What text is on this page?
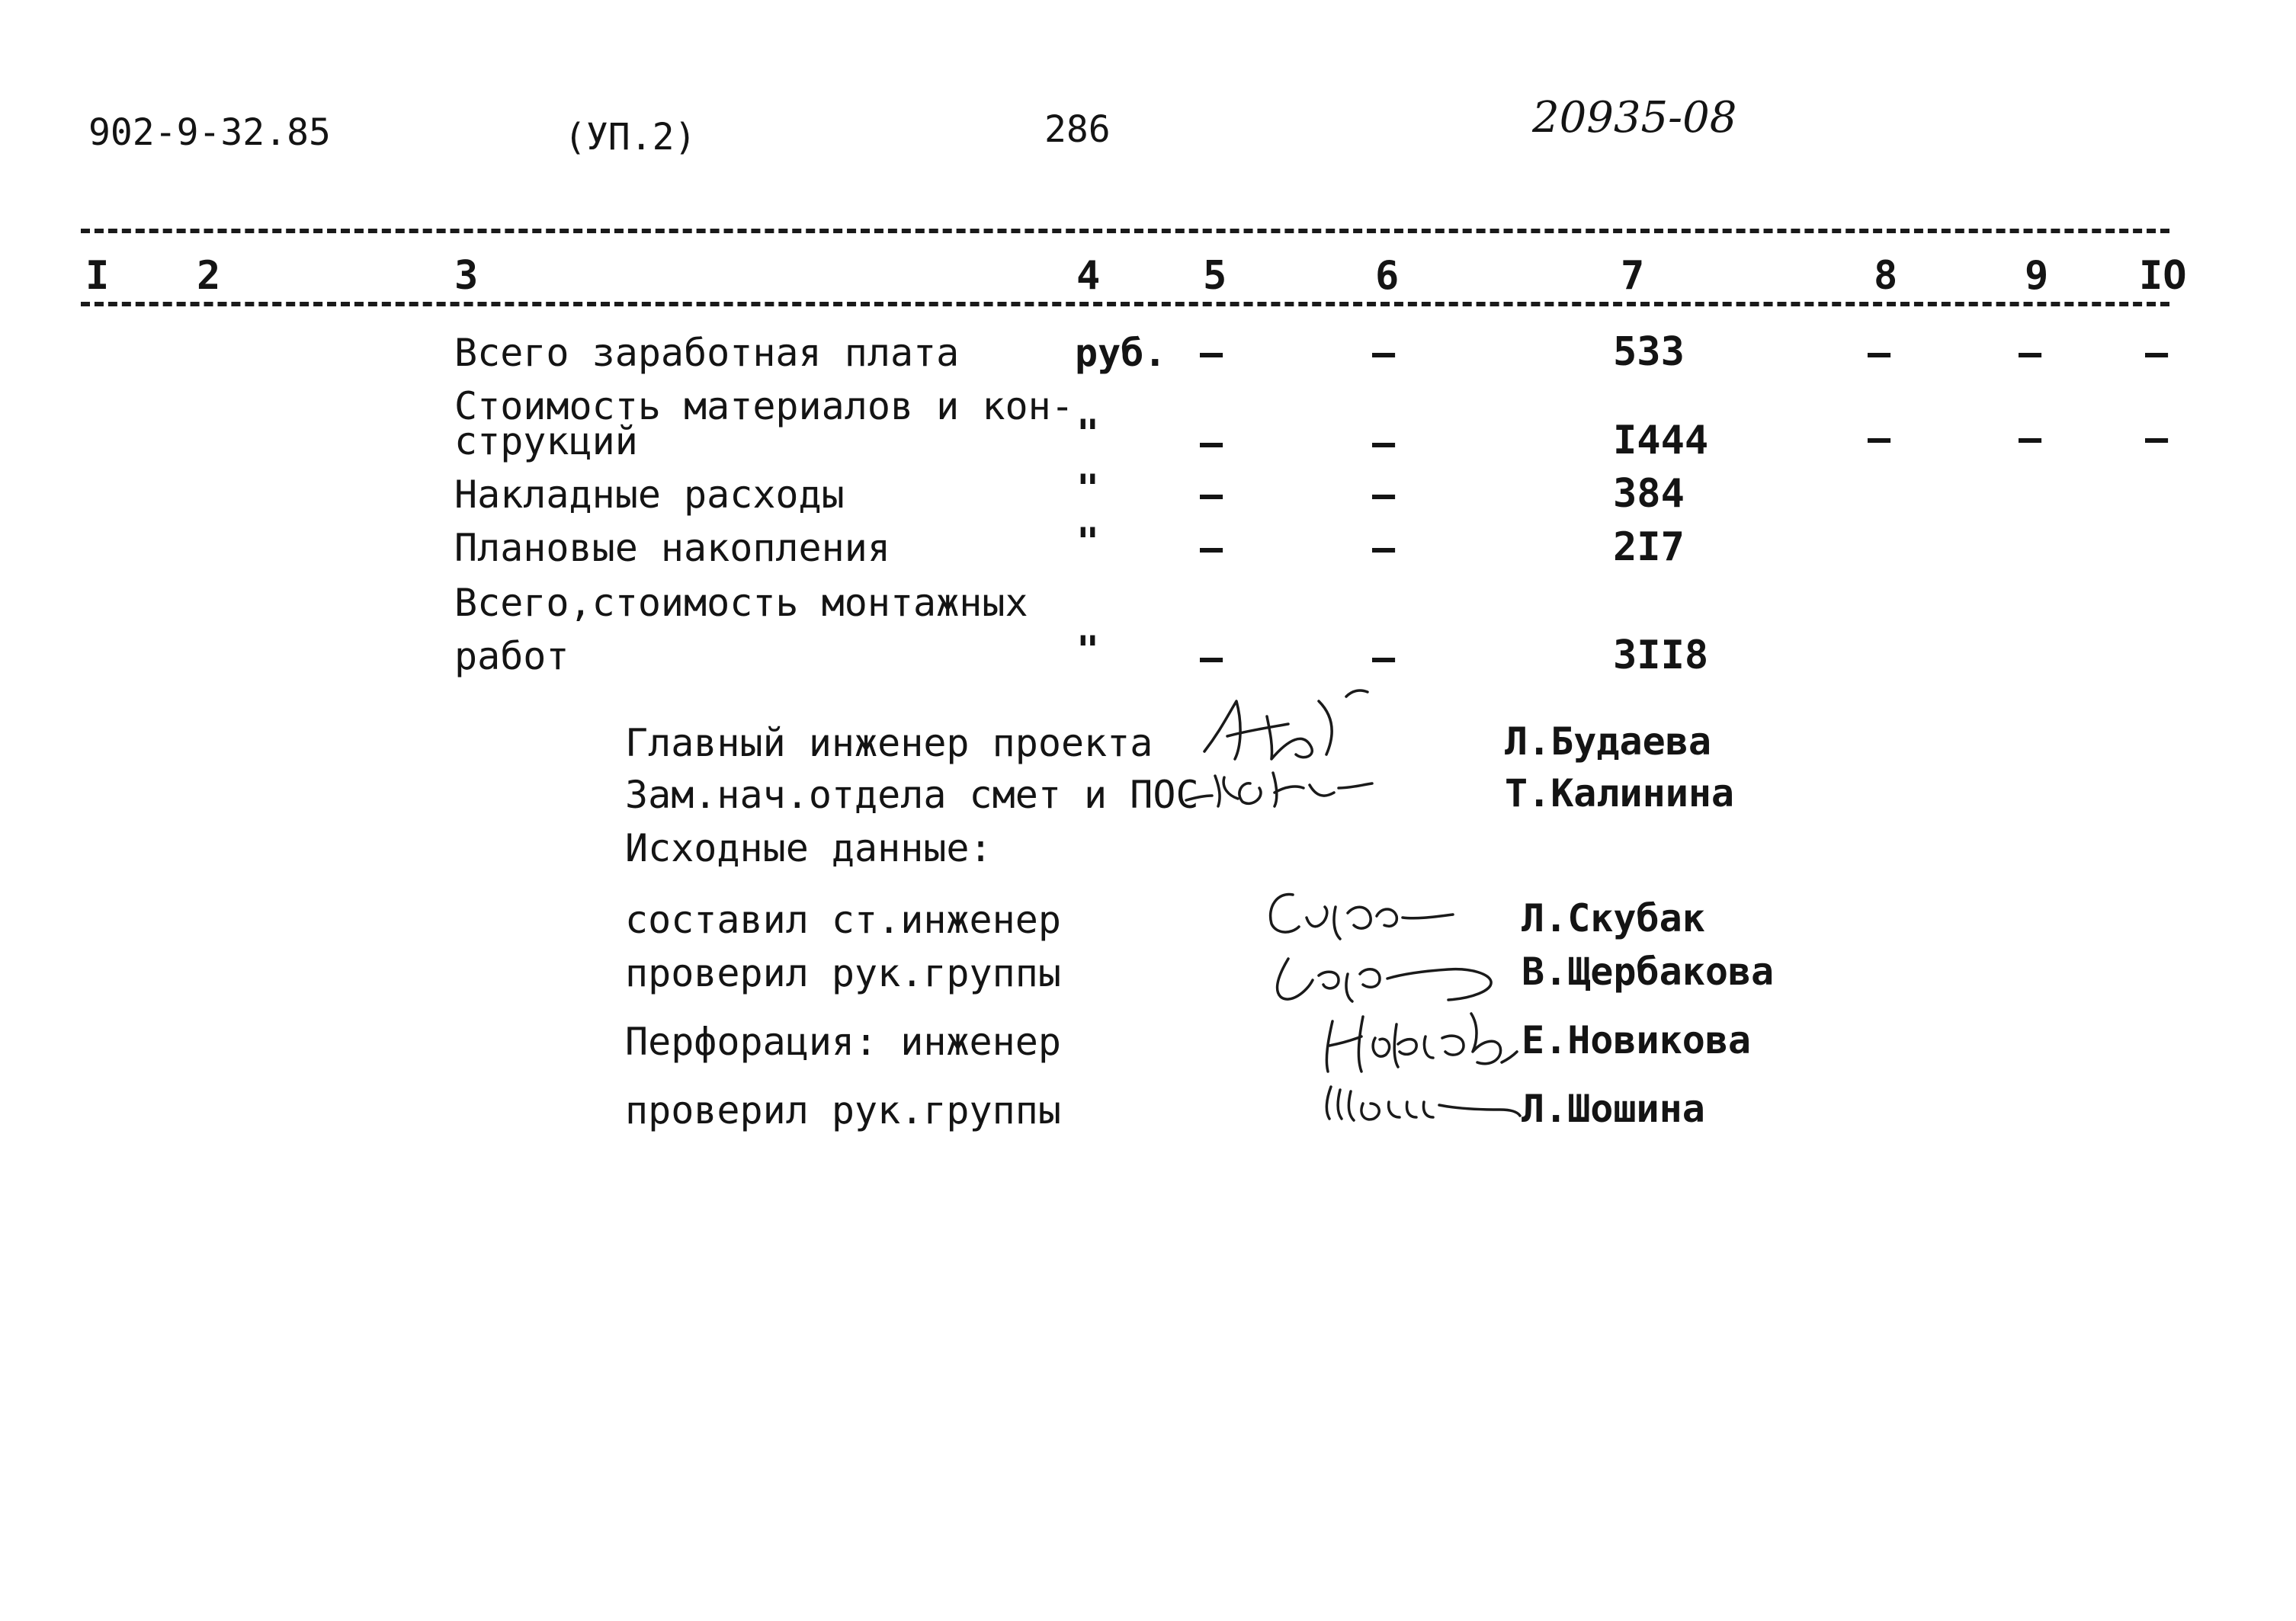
902-9-32.85	(УП.2)	286	20935-08
I 2	3	4	5	6	7	8	9 IO
Всего заработная плата	руб. –	–	533	–	–	–
Стоимость материалов и кон-
струкций	"	–	–	I444	–	–	–
Накладные расходы	"	–	–	384
Плановые накопления	"	–	–	2I7
Всего,стоимость монтажных
работ	"	–	–	3II8
Главный инженер проекта	Л.Будаева
Зам.нач.отдела смет и ПОС	Т.Калинина
Исходные данные:
составил ст.инженер	Л.Скубак
проверил рук.группы	В.Щербакова
Перфорация: инженер	Е.Новикова
проверил рук.группы	Л.Шошина
